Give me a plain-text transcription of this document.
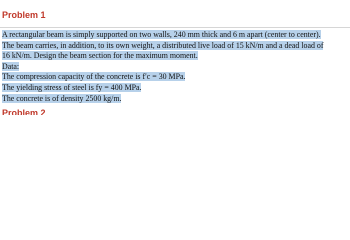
Problem 1
A rectangular beam is simply supported on two walls, 240 mm thick and 6 m apart (center to center).
The beam carries, in addition, to its own weight, a distributed live load of 15 kN/m and a dead load of
16 kN/m. Design the beam section for the maximum moment.
Data:
The compression capacity of the concrete is f′c = 30 MPa.
The yielding stress of steel is fy = 400 MPa.
The concrete is of density 2500 kg/m.
Problem 2
